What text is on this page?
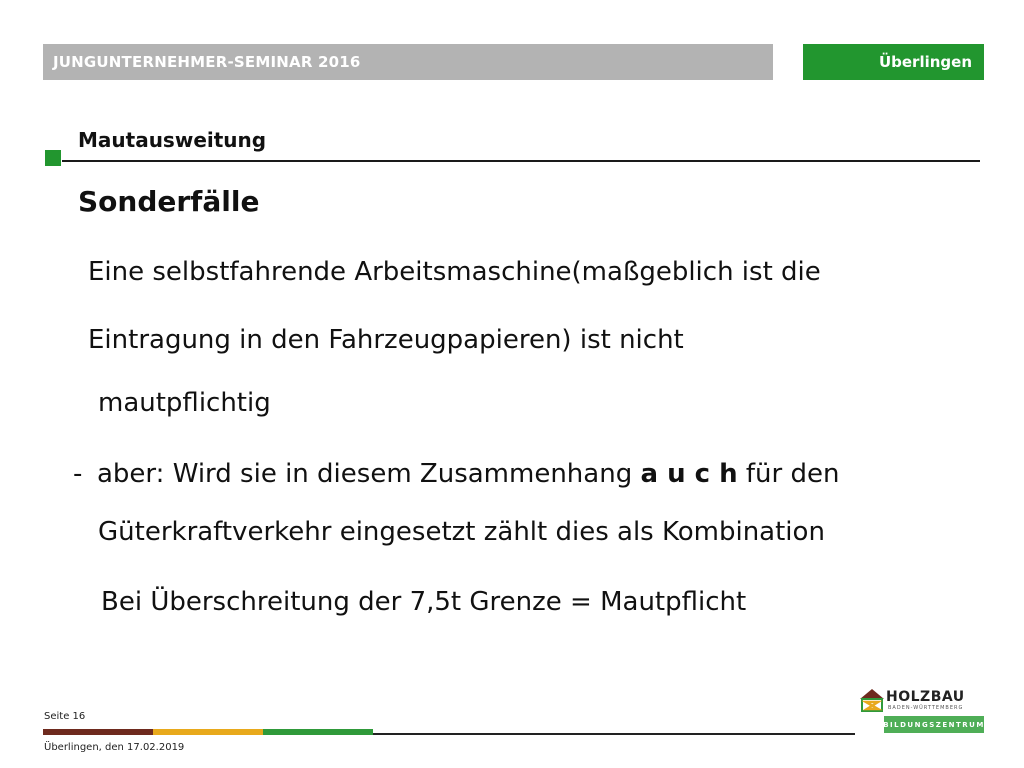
JUNGUNTERNEHMER-SEMINAR 2016	Überlingen
Mautausweitung
Sonderfälle
Eine selbstfahrende Arbeitsmaschine(maßgeblich ist die
Eintragung in den Fahrzeugpapieren) ist nicht
mautpflichtig
- aber: Wird sie in diesem Zusammenhang a u c h für den
Güterkraftverkehr eingesetzt zählt dies als Kombination
Bei Überschreitung der 7,5t Grenze = Mautpflicht
Seite 16
Überlingen, den 17.02.2019
HOLZBAU
BADEN-WÜRTTEMBERG
BILDUNGSZENTRUM
